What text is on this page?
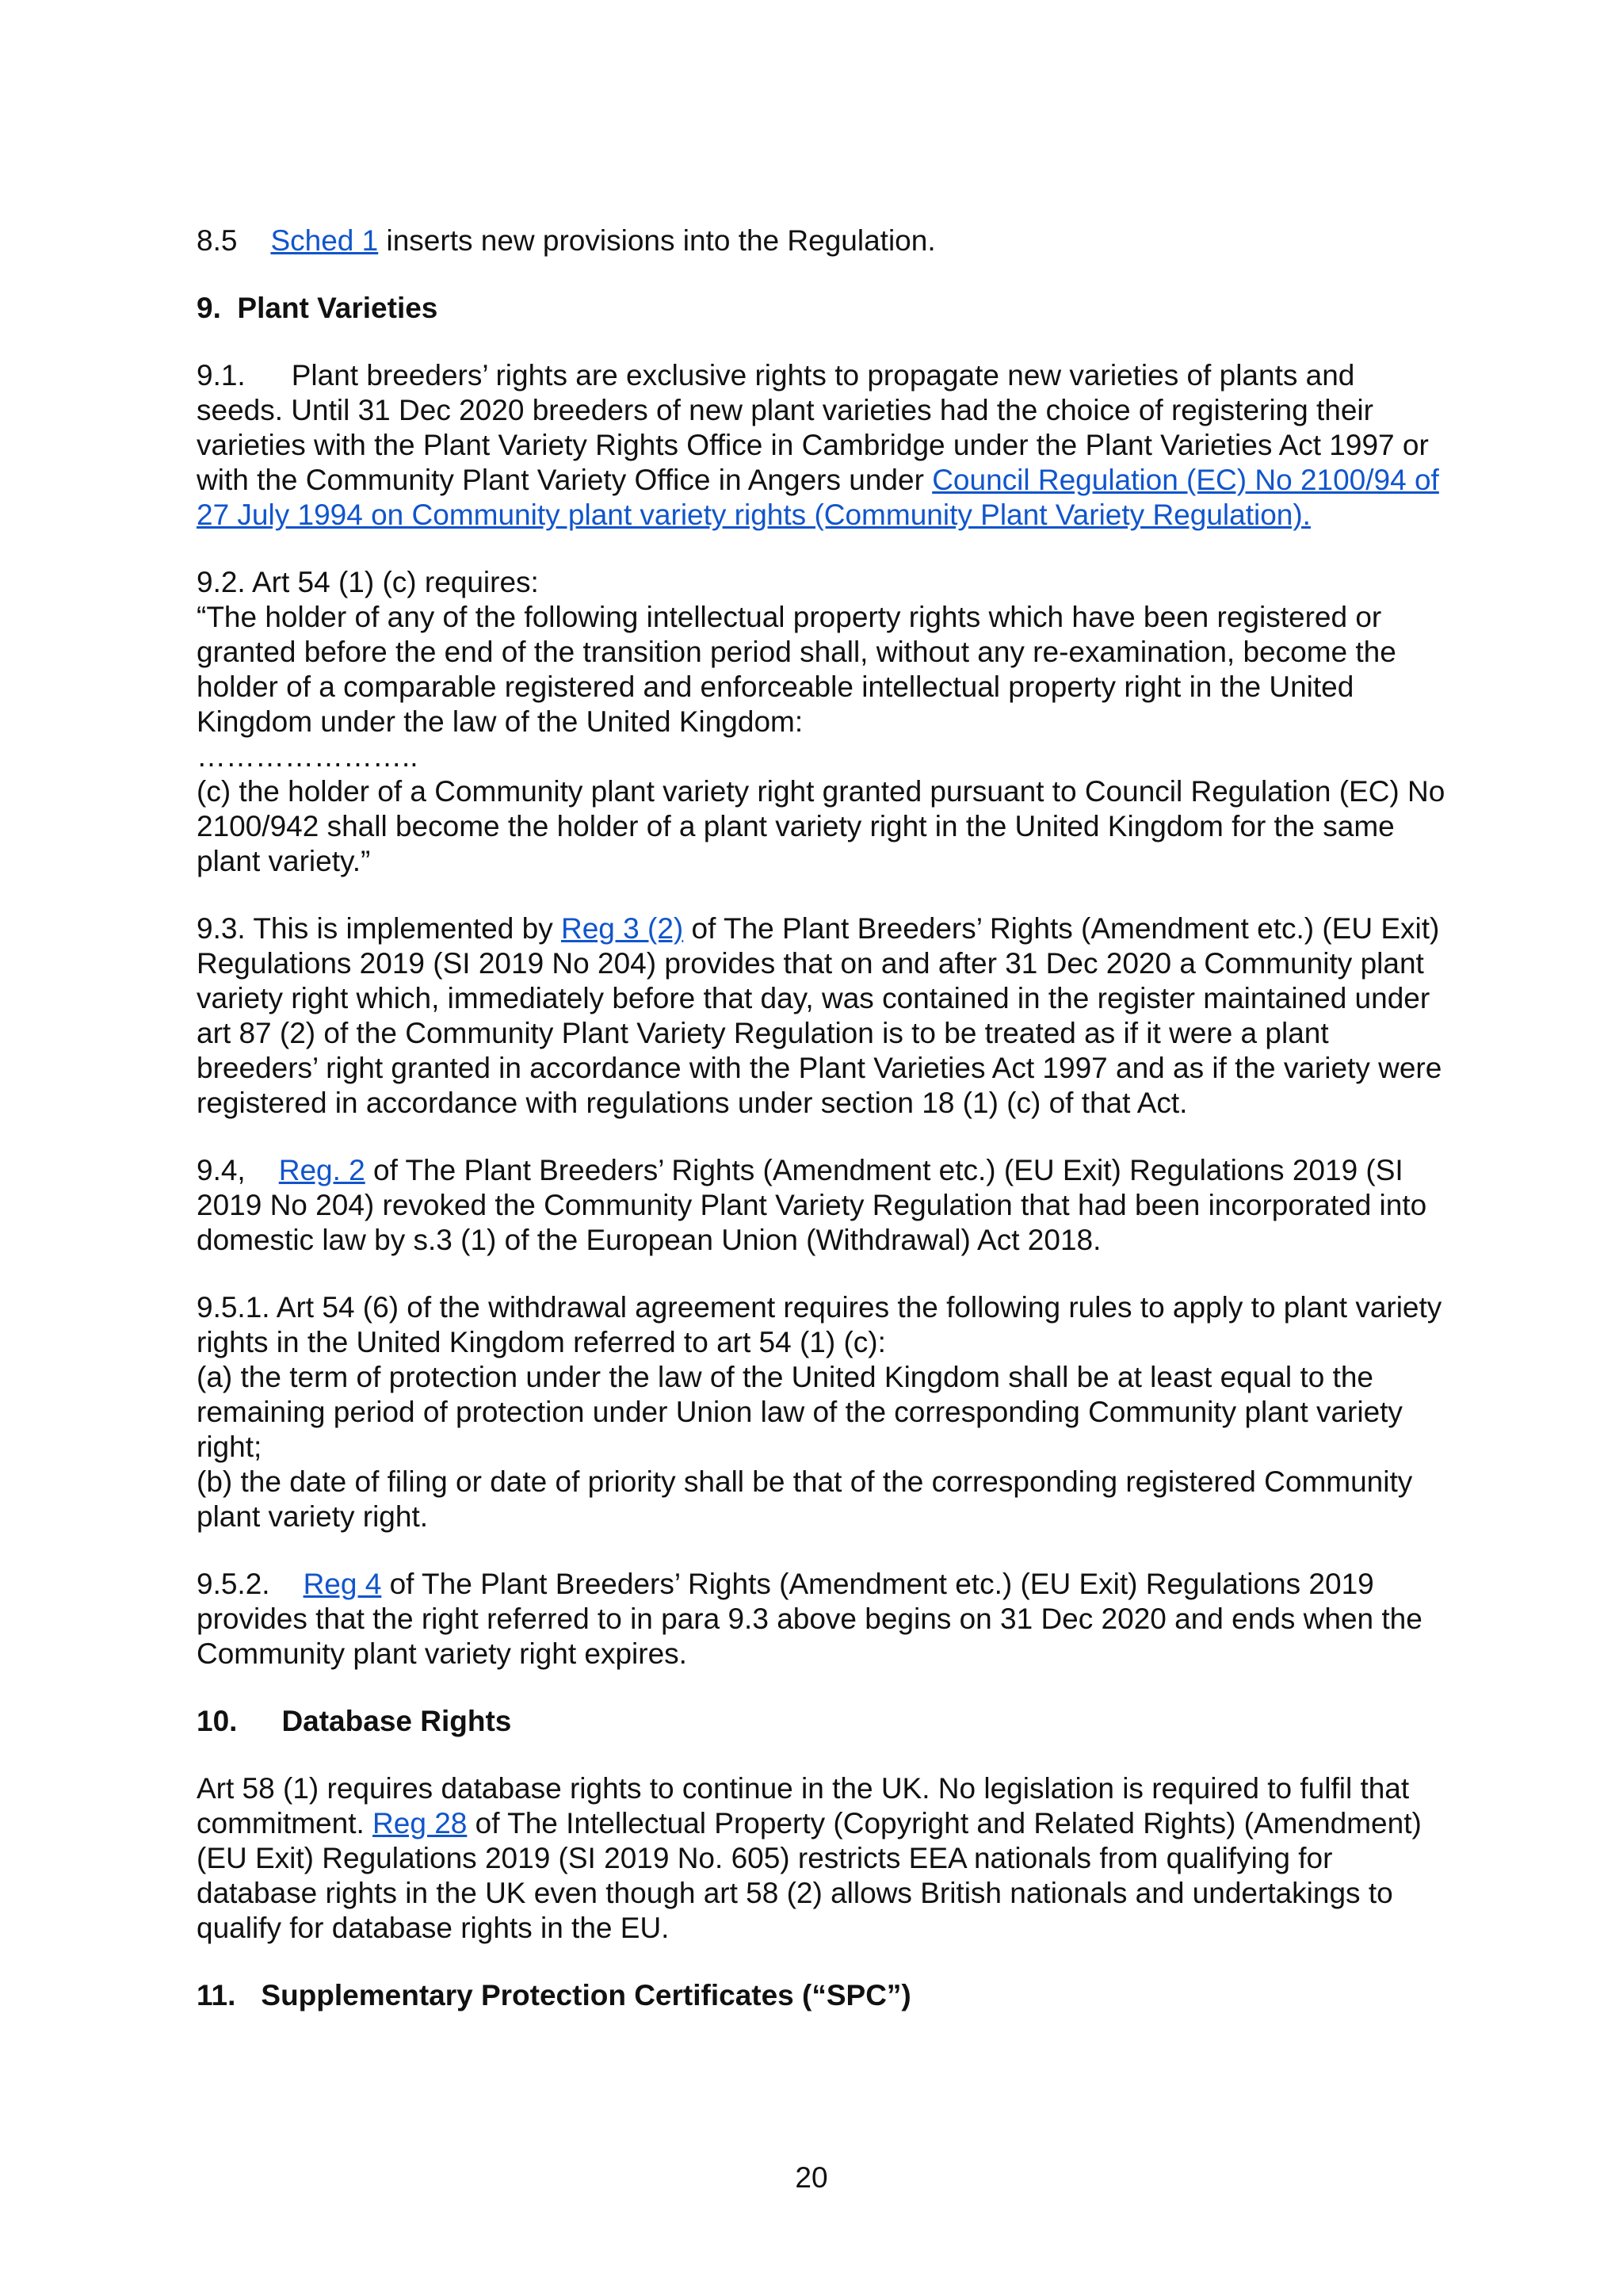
8.5 Sched 1 inserts new provisions into the Regulation.

9. Plant Varieties

9.1. Plant breeders’ rights are exclusive rights to propagate new varieties of plants and seeds. Until 31 Dec 2020 breeders of new plant varieties had the choice of registering their varieties with the Plant Variety Rights Office in Cambridge under the Plant Varieties Act 1997 or with the Community Plant Variety Office in Angers under Council Regulation (EC) No 2100/94 of 27 July 1994 on Community plant variety rights (Community Plant Variety Regulation).

9.2. Art 54 (1) (c) requires:
“The holder of any of the following intellectual property rights which have been registered or granted before the end of the transition period shall, without any re-examination, become the holder of a comparable registered and enforceable intellectual property right in the United Kingdom under the law of the United Kingdom:
…………………..
(c) the holder of a Community plant variety right granted pursuant to Council Regulation (EC) No 2100/942 shall become the holder of a plant variety right in the United Kingdom for the same plant variety.”

9.3. This is implemented by Reg 3 (2) of The Plant Breeders’ Rights (Amendment etc.) (EU Exit) Regulations 2019 (SI 2019 No 204) provides that on and after 31 Dec 2020 a Community plant variety right which, immediately before that day, was contained in the register maintained under art 87 (2) of the Community Plant Variety Regulation is to be treated as if it were a plant breeders’ right granted in accordance with the Plant Varieties Act 1997 and as if the variety were registered in accordance with regulations under section 18 (1) (c) of that Act.

9.4, Reg. 2 of The Plant Breeders’ Rights (Amendment etc.) (EU Exit) Regulations 2019 (SI 2019 No 204) revoked the Community Plant Variety Regulation that had been incorporated into domestic law by s.3 (1) of the European Union (Withdrawal) Act 2018.

9.5.1. Art 54 (6) of the withdrawal agreement requires the following rules to apply to plant variety rights in the United Kingdom referred to art 54 (1) (c):
(a) the term of protection under the law of the United Kingdom shall be at least equal to the remaining period of protection under Union law of the corresponding Community plant variety right;
(b) the date of filing or date of priority shall be that of the corresponding registered Community plant variety right.

9.5.2. Reg 4 of The Plant Breeders’ Rights (Amendment etc.) (EU Exit) Regulations 2019 provides that the right referred to in para 9.3 above begins on 31 Dec 2020 and ends when the Community plant variety right expires.

10. Database Rights

Art 58 (1) requires database rights to continue in the UK. No legislation is required to fulfil that commitment. Reg 28 of The Intellectual Property (Copyright and Related Rights) (Amendment) (EU Exit) Regulations 2019 (SI 2019 No. 605) restricts EEA nationals from qualifying for database rights in the UK even though art 58 (2) allows British nationals and undertakings to qualify for database rights in the EU.

11. Supplementary Protection Certificates (“SPC”)

20
